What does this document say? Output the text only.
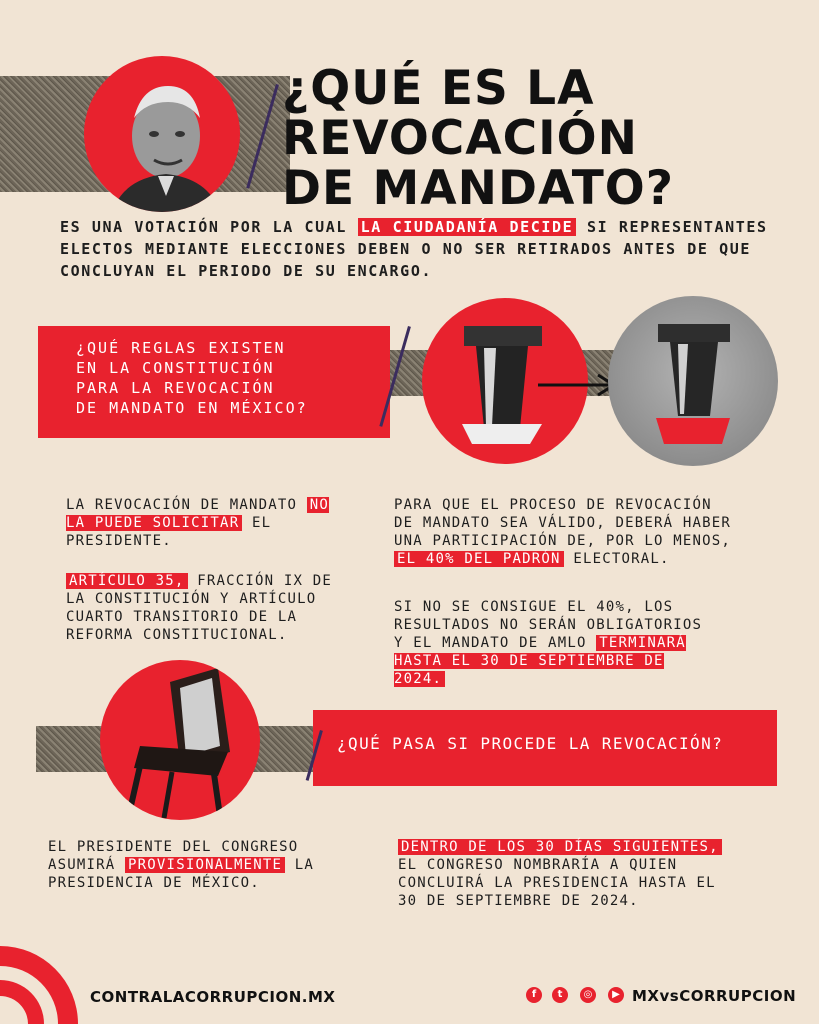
¿QUÉ ES LA
REVOCACIÓN
DE MANDATO?
ES UNA VOTACIÓN POR LA CUAL LA CIUDADANÍA DECIDE SI REPRESENTANTES ELECTOS MEDIANTE ELECCIONES DEBEN O NO SER RETIRADOS ANTES DE QUE CONCLUYAN EL PERIODO DE SU ENCARGO.
¿QUÉ REGLAS EXISTEN
EN LA CONSTITUCIÓN
PARA LA REVOCACIÓN
DE MANDATO EN MÉXICO?
LA REVOCACIÓN DE MANDATO NO LA PUEDE SOLICITAR EL PRESIDENTE.
ARTÍCULO 35, FRACCIÓN IX DE LA CONSTITUCIÓN Y ARTÍCULO CUARTO TRANSITORIO DE LA REFORMA CONSTITUCIONAL.
PARA QUE EL PROCESO DE REVOCACIÓN DE MANDATO SEA VÁLIDO, DEBERÁ HABER UNA PARTICIPACIÓN DE, POR LO MENOS, EL 40% DEL PADRÓN ELECTORAL.
SI NO SE CONSIGUE EL 40%, LOS RESULTADOS NO SERÁN OBLIGATORIOS Y EL MANDATO DE AMLO TERMINARÁ HASTA EL 30 DE SEPTIEMBRE DE 2024.
¿QUÉ PASA SI PROCEDE LA REVOCACIÓN?
EL PRESIDENTE DEL CONGRESO ASUMIRÁ PROVISIONALMENTE LA PRESIDENCIA DE MÉXICO.
DENTRO DE LOS 30 DÍAS SIGUIENTES, EL CONGRESO NOMBRARÍA A QUIEN CONCLUIRÁ LA PRESIDENCIA HASTA EL 30 DE SEPTIEMBRE DE 2024.
CONTRALACORRUPCION.MX	f	t	◎	▶ MXvsCORRUPCION
